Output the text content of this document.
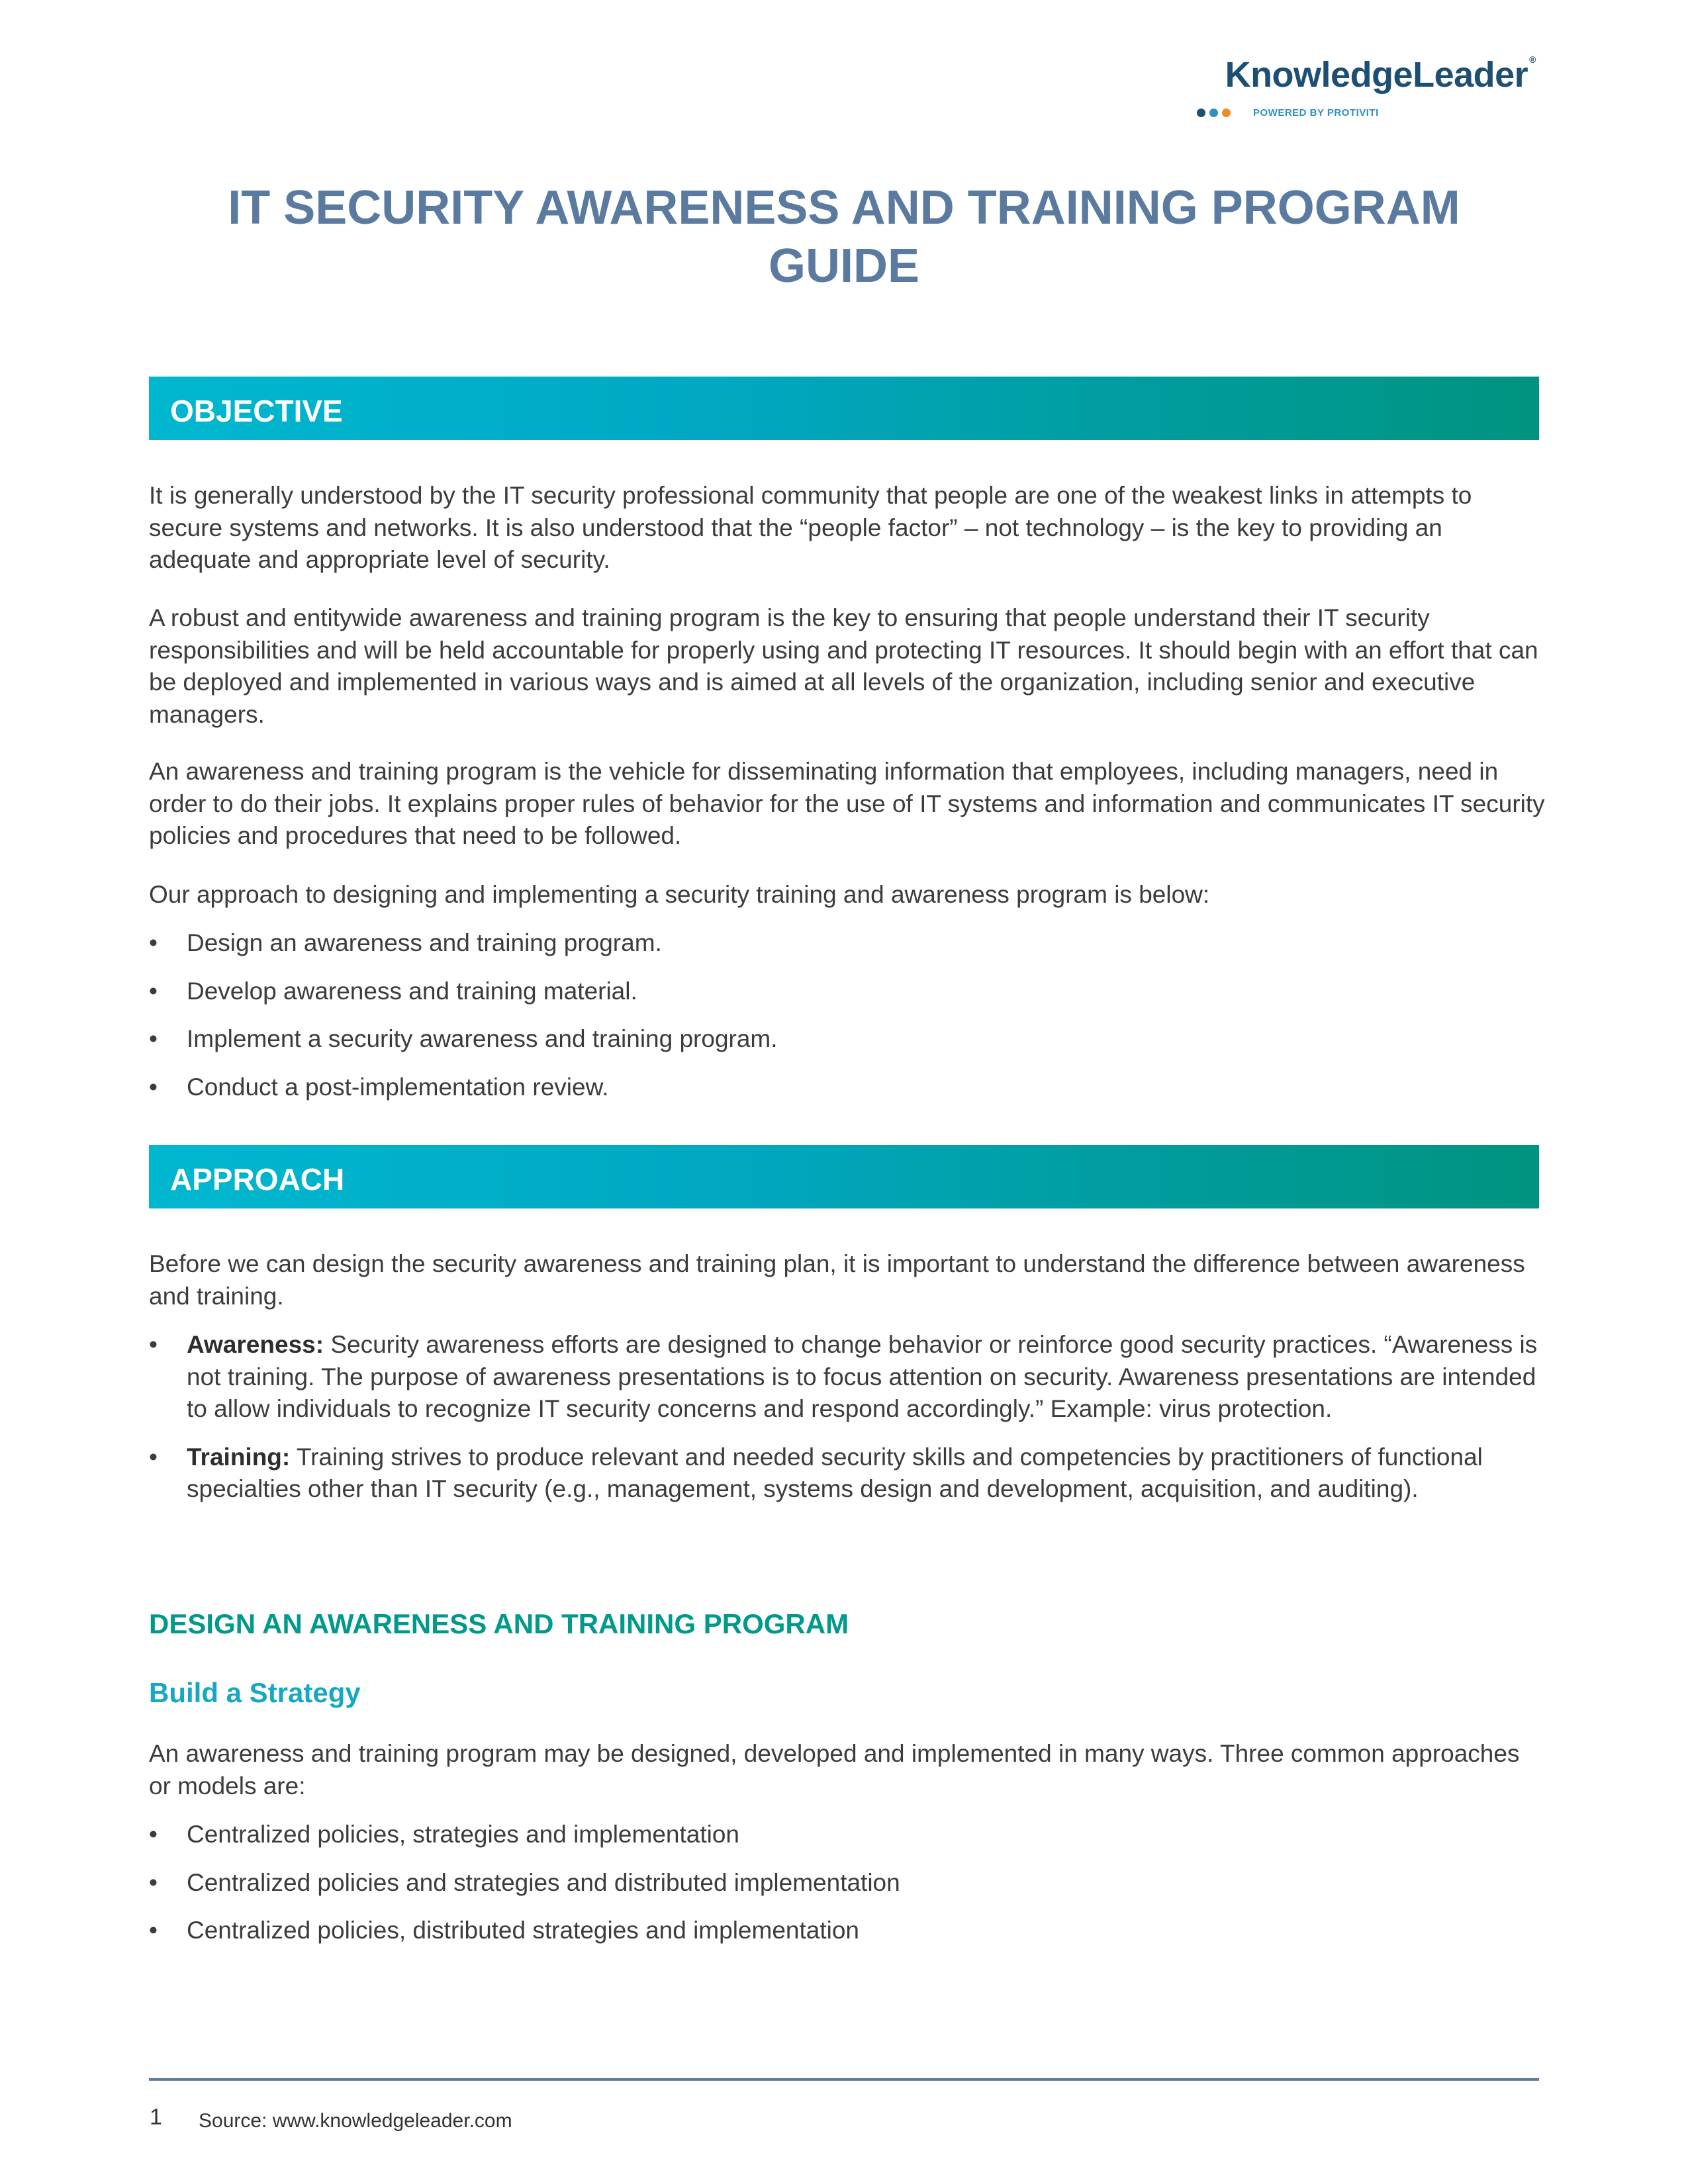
KnowledgeLeader ®
POWERED BY PROTIVITI
IT SECURITY AWARENESS AND TRAINING PROGRAM
GUIDE
OBJECTIVE

It is generally understood by the IT security professional community that people are one of the weakest links in attempts to secure systems and networks. It is also understood that the “people factor” – not technology – is the key to providing an adequate and appropriate level of security.

A robust and entitywide awareness and training program is the key to ensuring that people understand their IT security responsibilities and will be held accountable for properly using and protecting IT resources. It should begin with an effort that can be deployed and implemented in various ways and is aimed at all levels of the organization, including senior and executive managers.

An awareness and training program is the vehicle for disseminating information that employees, including managers, need in order to do their jobs. It explains proper rules of behavior for the use of IT systems and information and communicates IT security policies and procedures that need to be followed.

Our approach to designing and implementing a security training and awareness program is below:

• Design an awareness and training program.
• Develop awareness and training material.
• Implement a security awareness and training program.
• Conduct a post-implementation review.
APPROACH

Before we can design the security awareness and training plan, it is important to understand the difference between awareness and training.

• Awareness: Security awareness efforts are designed to change behavior or reinforce good security practices. “Awareness is not training. The purpose of awareness presentations is to focus attention on security. Awareness presentations are intended to allow individuals to recognize IT security concerns and respond accordingly.” Example: virus protection.
• Training: Training strives to produce relevant and needed security skills and competencies by practitioners of functional specialties other than IT security (e.g., management, systems design and development, acquisition, and auditing).
DESIGN AN AWARENESS AND TRAINING PROGRAM
Build a Strategy

An awareness and training program may be designed, developed and implemented in many ways. Three common approaches or models are:

• Centralized policies, strategies and implementation
• Centralized policies and strategies and distributed implementation
• Centralized policies, distributed strategies and implementation
1 Source: www.knowledgeleader.com
